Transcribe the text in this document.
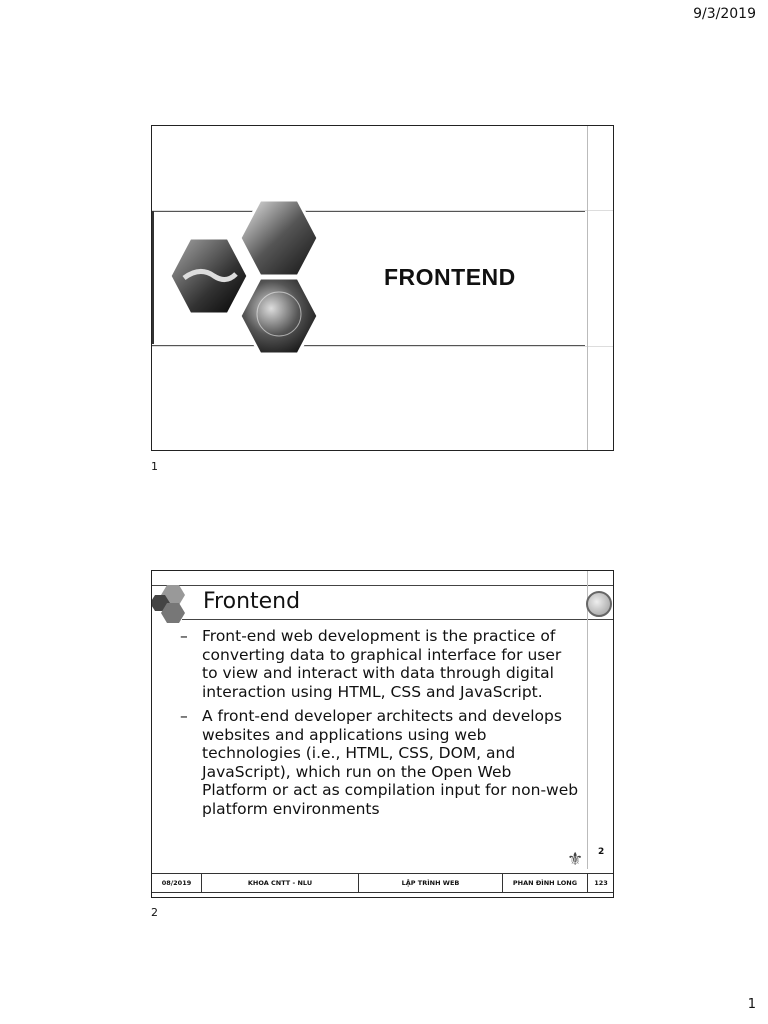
9/3/2019
FRONTEND
1
Frontend
– Front-end web development is the practice of converting data to graphical interface for user to view and interact with data through digital interaction using HTML, CSS and JavaScript.
– A front-end developer architects and develops websites and applications using web technologies (i.e., HTML, CSS, DOM, and JavaScript), which run on the Open Web Platform or act as compilation input for non-web platform environments
⚜ 2
08/2019	KHOA CNTT - NLU	LẬP TRÌNH WEB	PHAN ĐÌNH LONG	123
2
1
